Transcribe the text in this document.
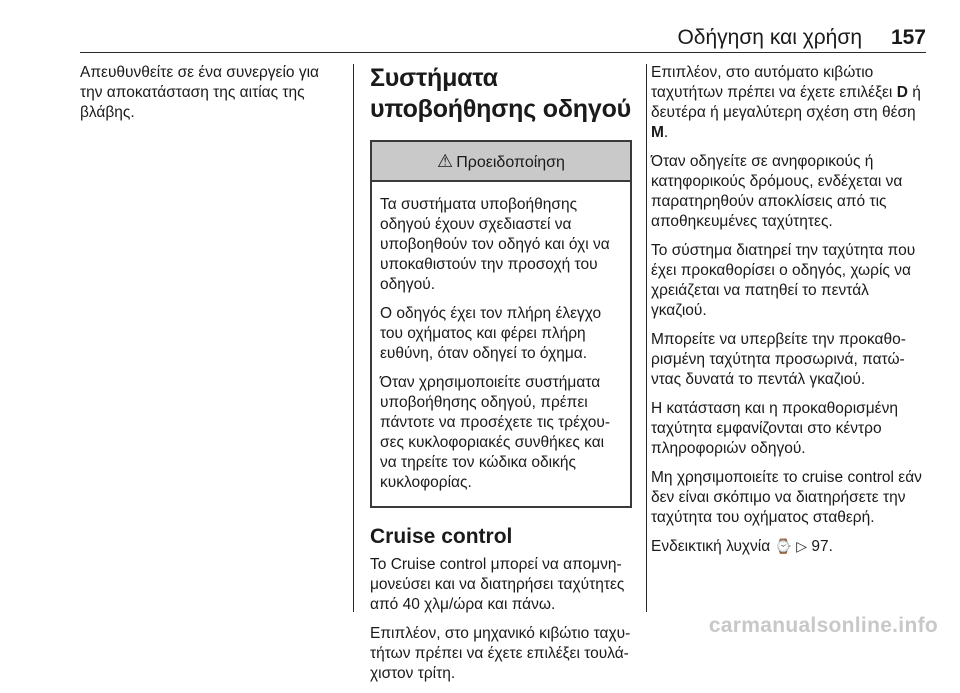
Οδήγηση και χρήση 157

Απευθυνθείτε σε ένα συνεργείο για την αποκατάσταση της αιτίας της βλάβης.

Συστήματα υποβοήθησης οδηγού
⚠ Προειδοποίηση

Τα συστήματα υποβοήθησης οδηγού έχουν σχεδιαστεί να υποβοηθούν τον οδηγό και όχι να υποκαθιστούν την προσοχή του οδηγού.

Ο οδηγός έχει τον πλήρη έλεγχο του οχήματος και φέρει πλήρη ευθύνη, όταν οδηγεί το όχημα.

Όταν χρησιμοποιείτε συστήματα υποβοήθησης οδηγού, πρέπει πάντοτε να προσέχετε τις τρέχου-σες κυκλοφοριακές συνθήκες και να τηρείτε τον κώδικα οδικής κυκλοφορίας.

Cruise control

Το Cruise control μπορεί να απομνη-μονεύσει και να διατηρήσει ταχύτητες από 40 χλμ/ώρα και πάνω.

Επιπλέον, στο μηχανικό κιβώτιο ταχυ-τήτων πρέπει να έχετε επιλέξει τουλά-χιστον τρίτη.

Επιπλέον, στο αυτόματο κιβώτιο ταχυτήτων πρέπει να έχετε επιλέξει D ή δευτέρα ή μεγαλύτερη σχέση στη θέση M.

Όταν οδηγείτε σε ανηφορικούς ή κατηφορικούς δρόμους, ενδέχεται να παρατηρηθούν αποκλίσεις από τις αποθηκευμένες ταχύτητες.

Το σύστημα διατηρεί την ταχύτητα που έχει προκαθορίσει ο οδηγός, χωρίς να χρειάζεται να πατηθεί το πεντάλ γκαζιού.

Μπορείτε να υπερβείτε την προκαθο-ρισμένη ταχύτητα προσωρινά, πατώ-ντας δυνατά το πεντάλ γκαζιού.

Η κατάσταση και η προκαθορισμένη ταχύτητα εμφανίζονται στο κέντρο πληροφοριών οδηγού.

Μη χρησιμοποιείτε το cruise control εάν δεν είναι σκόπιμο να διατηρήσετε την ταχύτητα του οχήματος σταθερή.

Ενδεικτική λυχνία ⌚ ▷ 97.

carmanualsonline.info
